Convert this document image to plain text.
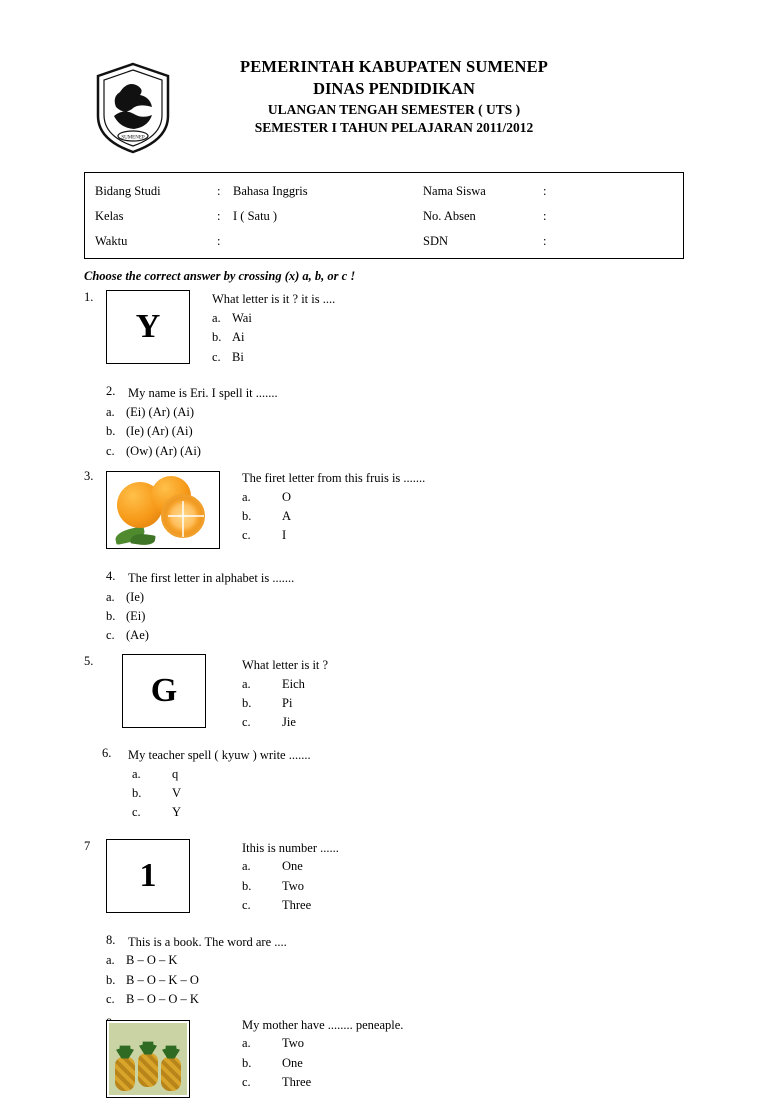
SUMENEP
PEMERINTAH KABUPATEN SUMENEP
DINAS PENDIDIKAN
ULANGAN TENGAH SEMESTER ( UTS )
SEMESTER I TAHUN PELAJARAN 2011/2012
Bidang Studi	:	Bahasa Inggris	Nama Siswa	:
Kelas	:	I ( Satu )	No. Absen	:
Waktu	:	SDN	:
Choose the correct answer by crossing (x) a, b, or c !
1.
Y
What letter is it ? it is ....
a. Wai
b. Ai
c. Bi
2.	My name is Eri. I spell it .......
a. (Ei) (Ar) (Ai)
b. (Ie) (Ar) (Ai)
c. (Ow) (Ar) (Ai)
3.	The firet letter from this fruis is .......
a.	O
b.	A
c.	I
4.	The first letter in alphabet is .......
a. (Ie)
b. (Ei)
c. (Ae)
5.
G
What letter is it ?
a.	Eich
b.	Pi
c.	Jie
6.	My teacher spell ( kyuw ) write .......
a.	q
b.	V
c.	Y
7
1
Ithis is number ......
a.	One
b.	Two
c.	Three
8.	This is a book. The word are ....
a. B – O – K
b. B – O – K – O
c. B – O – O – K
My mother have ........ peneaple.
a.	Two
b.	One
c.	Three
